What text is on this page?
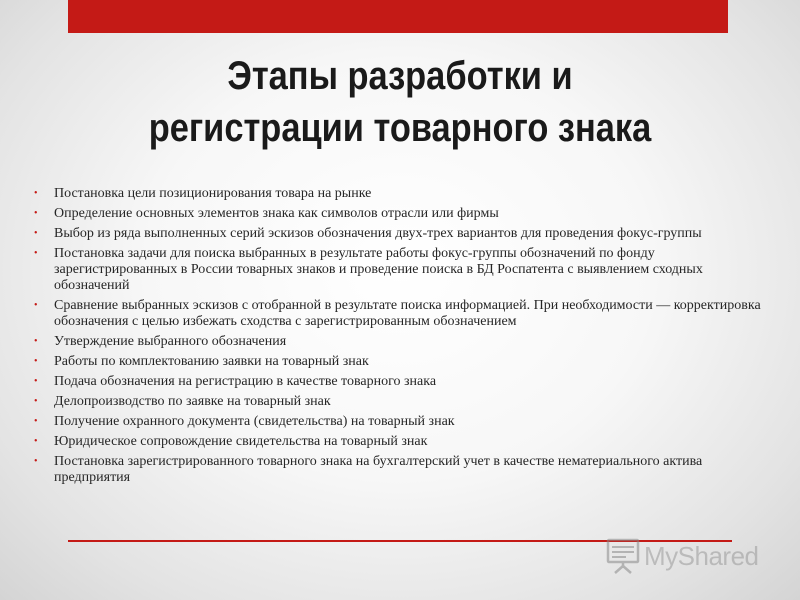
Этапы разработки и
регистрации товарного знака
• Постановка цели позиционирования товара на рынке
• Определение основных элементов знака как символов отрасли или фирмы
• Выбор из ряда выполненных серий эскизов обозначения двух-трех вариантов для проведения фокус-группы
• Постановка задачи для поиска выбранных в результате работы фокус-группы обозначений по фонду зарегистрированных в России товарных знаков и проведение поиска в БД Роспатента с выявлением сходных обозначений
• Сравнение выбранных эскизов с отобранной в результате поиска информацией. При необходимости — корректировка обозначения с целью избежать сходства с зарегистрированным обозначением
• Утверждение выбранного обозначения
• Работы по комплектованию заявки на товарный знак
• Подача обозначения на регистрацию в качестве товарного знака
• Делопроизводство по заявке на товарный знак
• Получение охранного документа (свидетельства) на товарный знак
• Юридическое сопровождение свидетельства на товарный знак
• Постановка зарегистрированного товарного знака на бухгалтерский учет в качестве нематериального актива предприятия
MyShared
